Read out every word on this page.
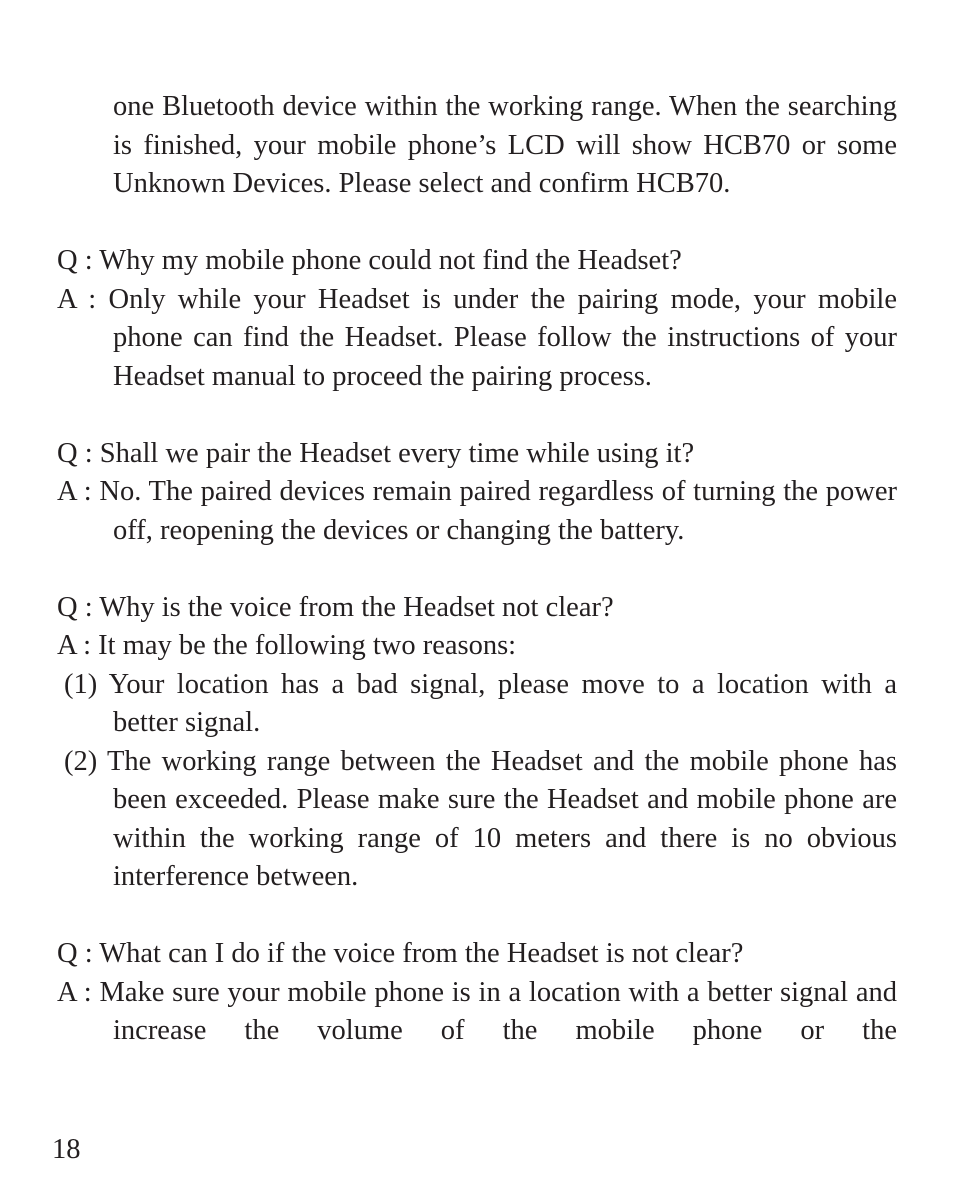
one Bluetooth device within the working range. When the searching is finished, your mobile phone’s LCD will show HCB70 or some Unknown Devices. Please select and confirm HCB70.

Q : Why my mobile phone could not find the Headset?

A : Only while your Headset is under the pairing mode, your mobile phone can find the Headset. Please follow the instructions of your Headset manual to proceed the pairing process.

Q : Shall we pair the Headset every time while using it?

A : No. The paired devices remain paired regardless of turning the power off, reopening the devices or changing the battery.

Q : Why is the voice from the Headset not clear?

A : It may be the following two reasons:

(1) Your location has a bad signal, please move to a location with a better signal.

(2) The working range between the Headset and the mobile phone has been exceeded. Please make sure the Headset and mobile phone are within the working range of 10 meters and there is no obvious interference between.

Q : What can I do if the voice from the Headset is not clear?

A : Make sure your mobile phone is in a location with a better signal and increase the volume of the mobile phone or the

18
